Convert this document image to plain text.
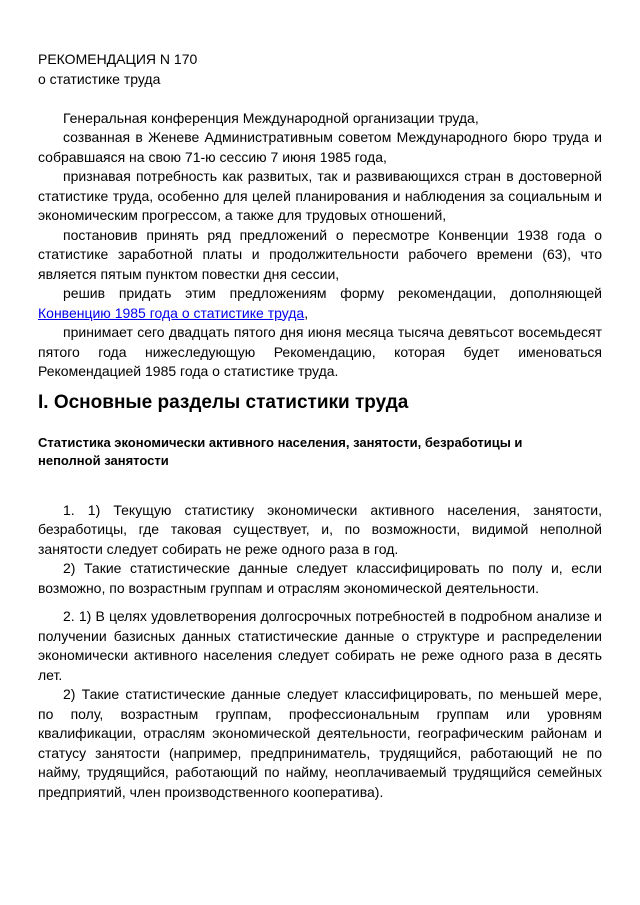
РЕКОМЕНДАЦИЯ N 170

о статистике труда

Генеральная конференция Международной организации труда,

созванная в Женеве Административным советом Международного бюро труда и собравшаяся на свою 71-ю сессию 7 июня 1985 года,

признавая потребность как развитых, так и развивающихся стран в достоверной статистике труда, особенно для целей планирования и наблюдения за социальным и экономическим прогрессом, а также для трудовых отношений,

постановив принять ряд предложений о пересмотре Конвенции 1938 года о статистике заработной платы и продолжительности рабочего времени (63), что является пятым пунктом повестки дня сессии,

решив придать этим предложениям форму рекомендации, дополняющей Конвенцию 1985 года о статистике труда,

принимает сего двадцать пятого дня июня месяца тысяча девятьсот восемьдесят пятого года нижеследующую Рекомендацию, которая будет именоваться Рекомендацией 1985 года о статистике труда.

I. Основные разделы статистики труда
Статистика экономически активного населения, занятости, безработицы и неполной занятости

1. 1) Текущую статистику экономически активного населения, занятости, безработицы, где таковая существует, и, по возможности, видимой неполной занятости следует собирать не реже одного раза в год.

2) Такие статистические данные следует классифицировать по полу и, если возможно, по возрастным группам и отраслям экономической деятельности.

2. 1) В целях удовлетворения долгосрочных потребностей в подробном анализе и получении базисных данных статистические данные о структуре и распределении экономически активного населения следует собирать не реже одного раза в десять лет.

2) Такие статистические данные следует классифицировать, по меньшей мере, по полу, возрастным группам, профессиональным группам или уровням квалификации, отраслям экономической деятельности, географическим районам и статусу занятости (например, предприниматель, трудящийся, работающий не по найму, трудящийся, работающий по найму, неоплачиваемый трудящийся семейных предприятий, член производственного кооператива).
